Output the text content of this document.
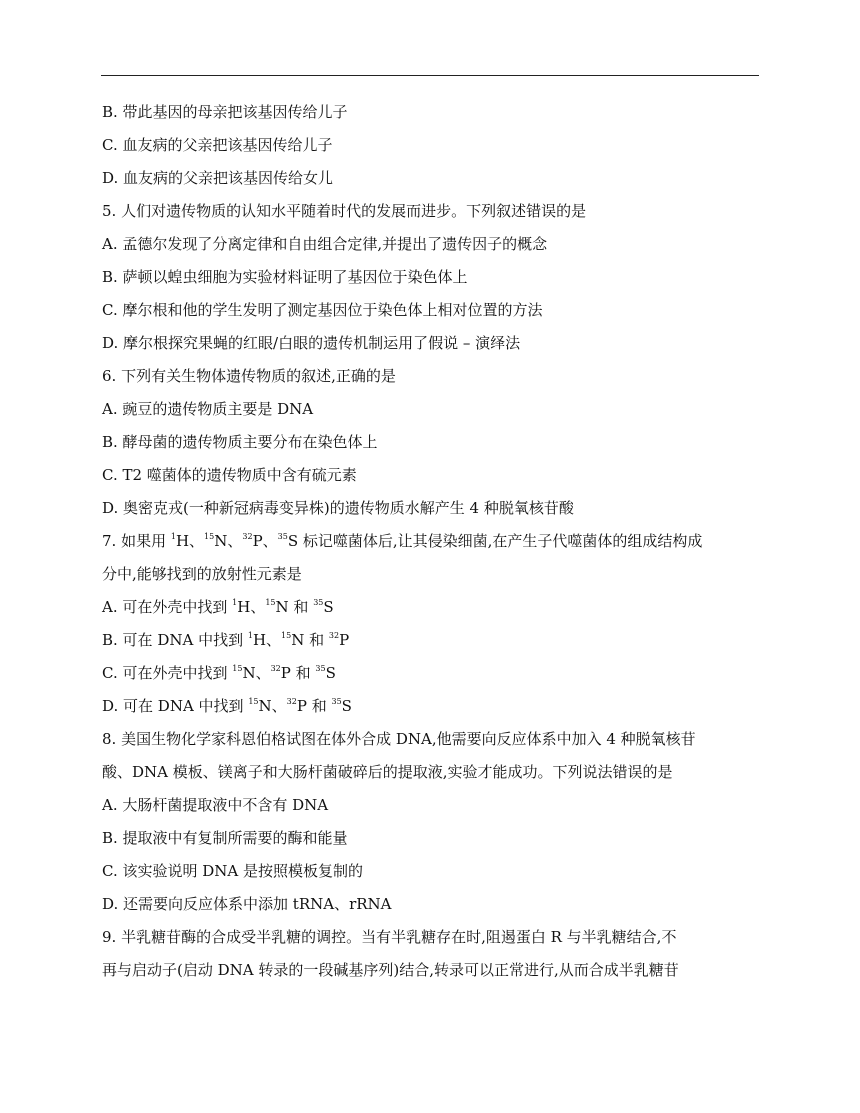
B. 带此基因的母亲把该基因传给儿子
C. 血友病的父亲把该基因传给儿子
D. 血友病的父亲把该基因传给女儿
5. 人们对遗传物质的认知水平随着时代的发展而进步。下列叙述错误的是
A. 孟德尔发现了分离定律和自由组合定律,并提出了遗传因子的概念
B. 萨顿以蝗虫细胞为实验材料证明了基因位于染色体上
C. 摩尔根和他的学生发明了测定基因位于染色体上相对位置的方法
D. 摩尔根探究果蝇的红眼/白眼的遗传机制运用了假说 – 演绎法
6. 下列有关生物体遗传物质的叙述,正确的是
A. 豌豆的遗传物质主要是 DNA
B. 酵母菌的遗传物质主要分布在染色体上
C. T2 噬菌体的遗传物质中含有硫元素
D. 奥密克戎(一种新冠病毒变异株)的遗传物质水解产生 4 种脱氧核苷酸
7. 如果用 $^1$H、$^{15}$N、$^{32}$P、$^{35}$S 标记噬菌体后,让其侵染细菌,在产生子代噬菌体的组成结构成
分中,能够找到的放射性元素是
A. 可在外壳中找到 $^1$H、$^{15}$N 和 $^{35}$S
B. 可在 DNA 中找到 $^1$H、$^{15}$N 和 $^{32}$P
C. 可在外壳中找到 $^{15}$N、$^{32}$P 和 $^{35}$S
D. 可在 DNA 中找到 $^{15}$N、$^{32}$P 和 $^{35}$S
8. 美国生物化学家科恩伯格试图在体外合成 DNA,他需要向反应体系中加入 4 种脱氧核苷
酸、DNA 模板、镁离子和大肠杆菌破碎后的提取液,实验才能成功。下列说法错误的是
A. 大肠杆菌提取液中不含有 DNA
B. 提取液中有复制所需要的酶和能量
C. 该实验说明 DNA 是按照模板复制的
D. 还需要向反应体系中添加 tRNA、rRNA
9. 半乳糖苷酶的合成受半乳糖的调控。当有半乳糖存在时,阻遏蛋白 R 与半乳糖结合,不
再与启动子(启动 DNA 转录的一段碱基序列)结合,转录可以正常进行,从而合成半乳糖苷
